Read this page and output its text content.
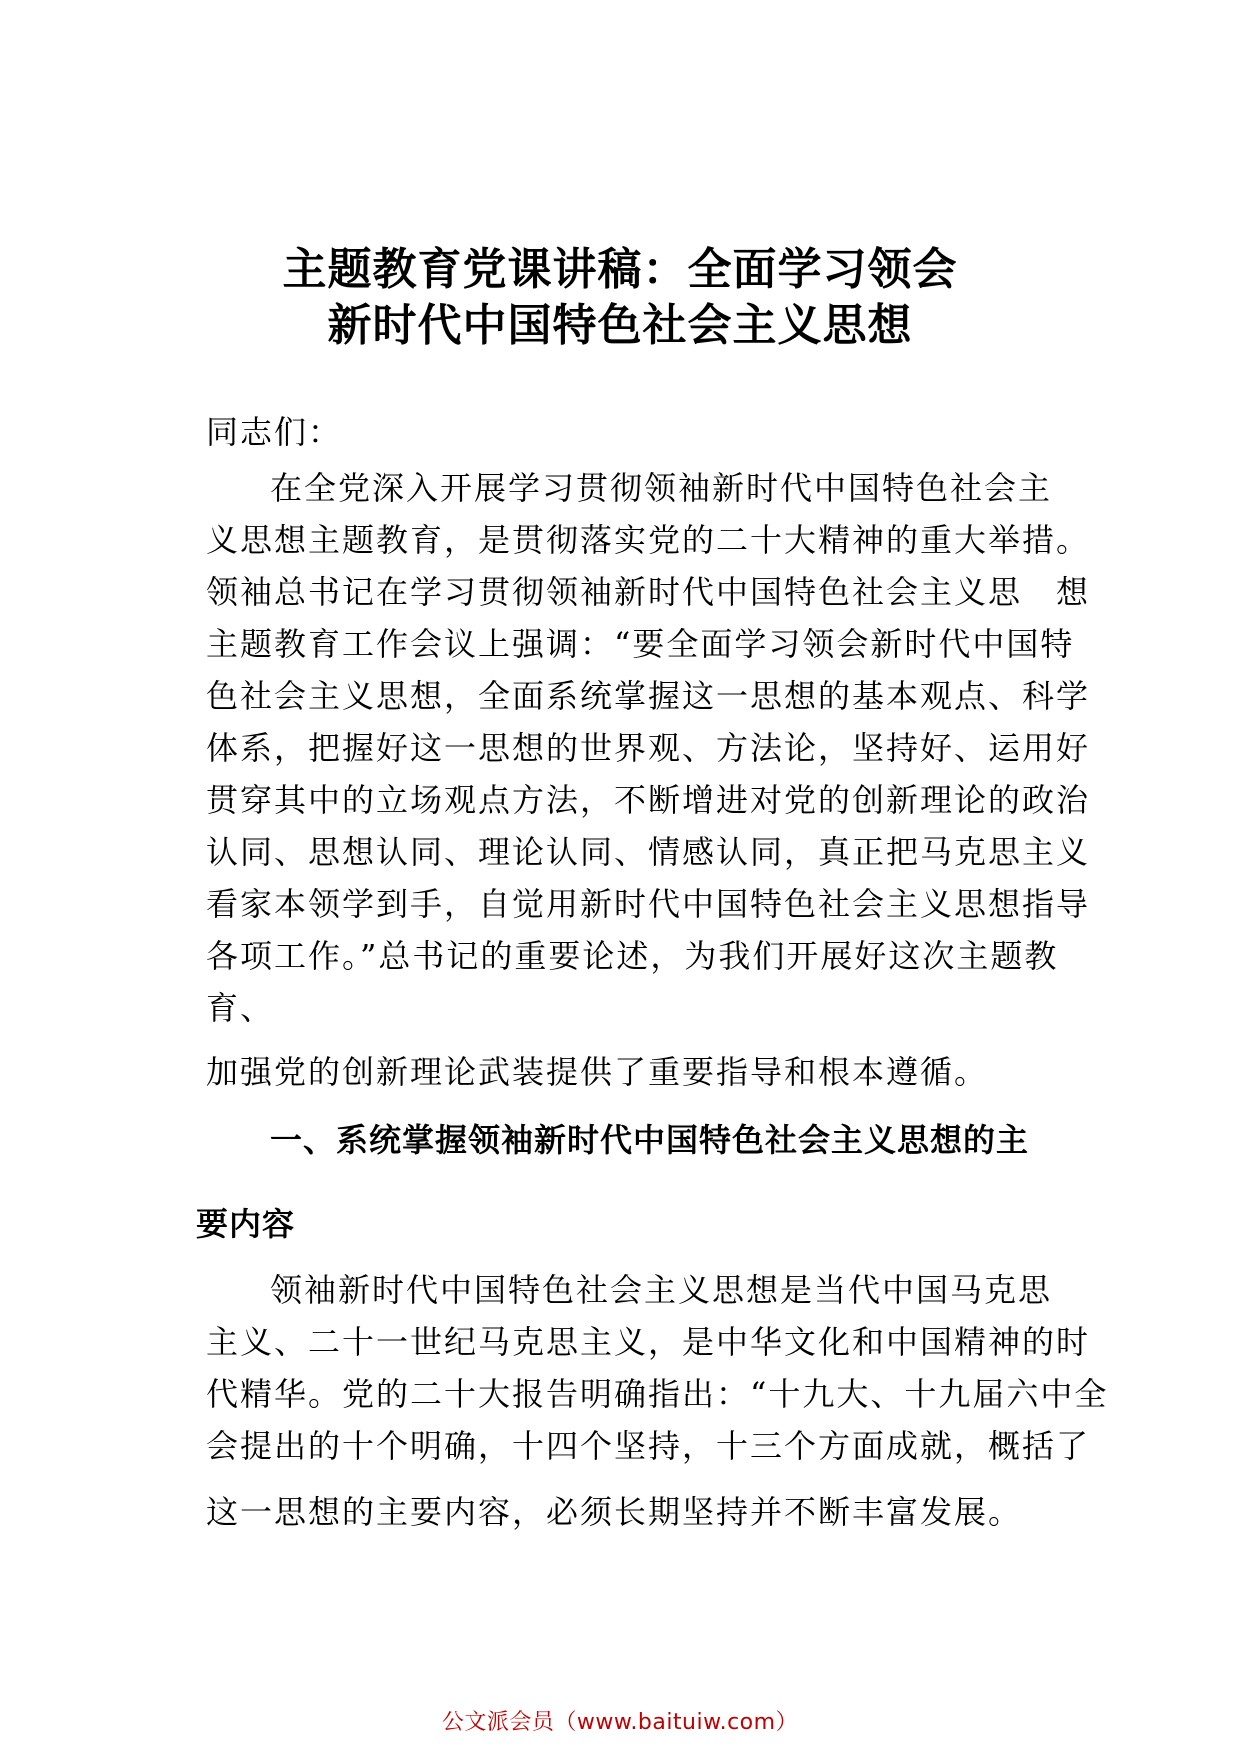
主题教育党课讲稿：全面学习领会
新时代中国特色社会主义思想
同志们：
在全党深入开展学习贯彻领袖新时代中国特色社会主
义思想主题教育，是贯彻落实党的二十大精神的重大举措。
领袖总书记在学习贯彻领袖新时代中国特色社会主义思　想
主题教育工作会议上强调：“要全面学习领会新时代中国特
色社会主义思想，全面系统掌握这一思想的基本观点、科学
体系，把握好这一思想的世界观、方法论，坚持好、运用好
贯穿其中的立场观点方法，不断增进对党的创新理论的政治
认同、思想认同、理论认同、情感认同，真正把马克思主义
看家本领学到手，自觉用新时代中国特色社会主义思想指导
各项工作。”总书记的重要论述，为我们开展好这次主题教
育、
加强党的创新理论武装提供了重要指导和根本遵循。
一、系统掌握领袖新时代中国特色社会主义思想的主
要内容
领袖新时代中国特色社会主义思想是当代中国马克思
主义、二十一世纪马克思主义，是中华文化和中国精神的时
代精华。党的二十大报告明确指出：“十九大、十九届六中全
会提出的十个明确，十四个坚持，十三个方面成就，概括了
这一思想的主要内容，必须长期坚持并不断丰富发展。
公文派会员（www.baituiw.com）
